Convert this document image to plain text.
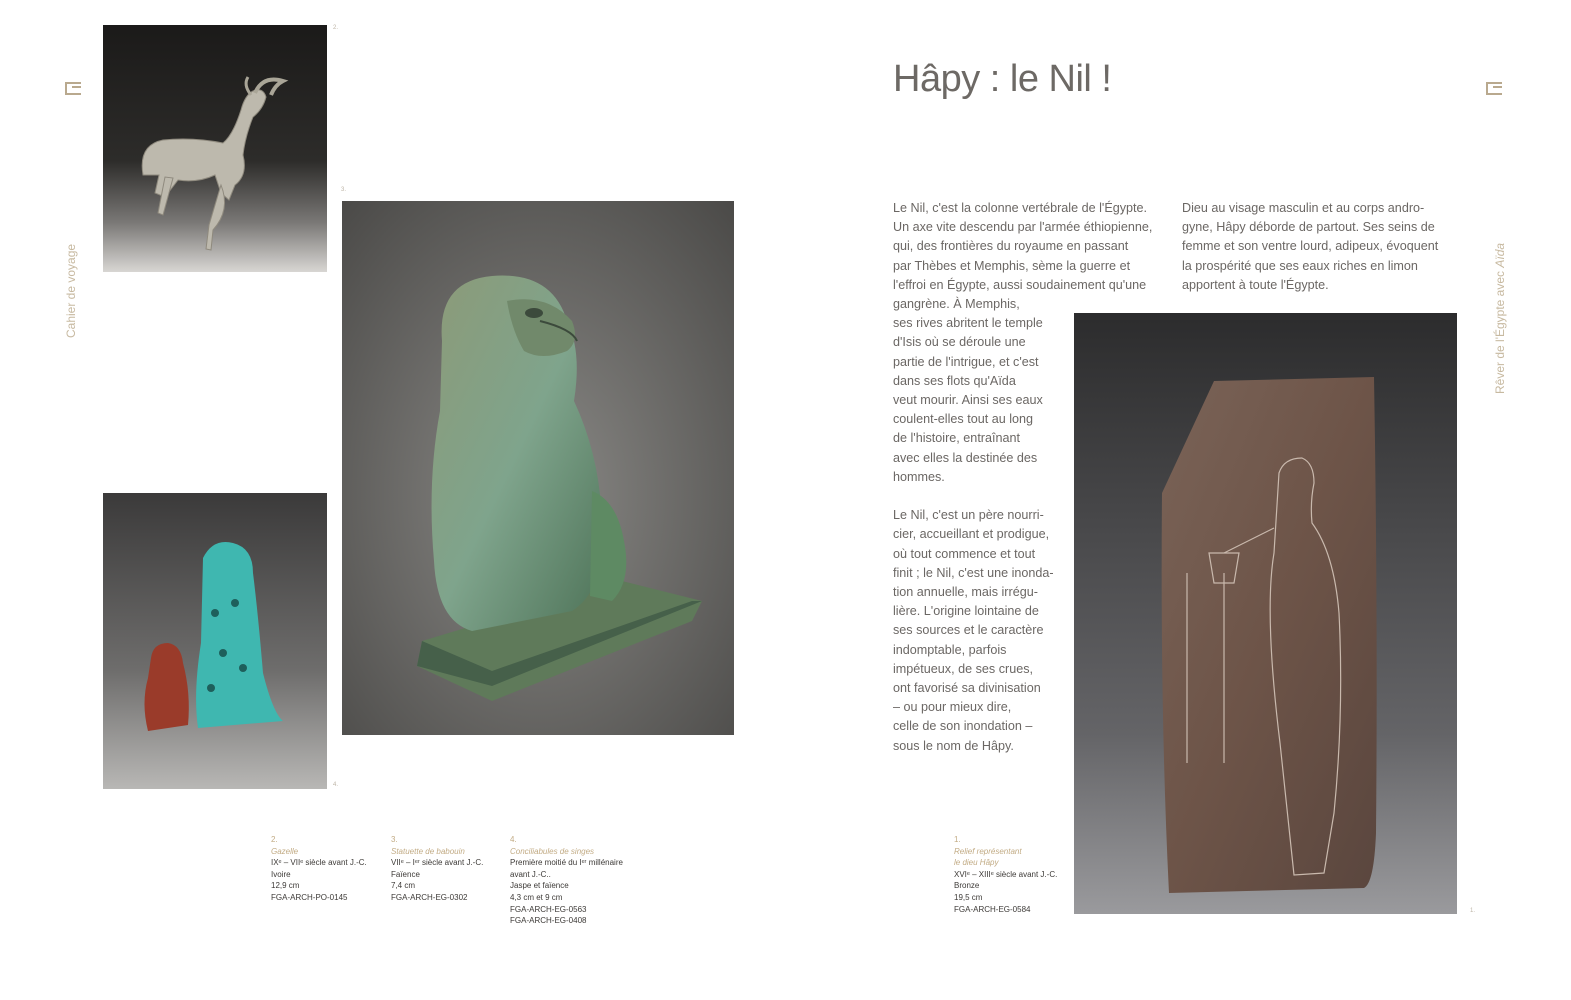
Cahier de voyage	Rêver de l'Égypte avec Aïda
2.
3.
4.
1.
Hâpy : le Nil !
Le Nil, c'est la colonne vertébrale de l'Égypte.
Un axe vite descendu par l'armée éthiopienne,
qui, des frontières du royaume en passant
par Thèbes et Memphis, sème la guerre et
l'effroi en Égypte, aussi soudainement qu'une
gangrène. À Memphis,
ses rives abritent le temple
d'Isis où se déroule une
partie de l'intrigue, et c'est
dans ses flots qu'Aïda
veut mourir. Ainsi ses eaux
coulent-elles tout au long
de l'histoire, entraînant
avec elles la destinée des
hommes.
Le Nil, c'est un père nourri-
cier, accueillant et prodigue,
où tout commence et tout
finit ; le Nil, c'est une inonda-
tion annuelle, mais irrégu-
lière. L'origine lointaine de
ses sources et le caractère
indomptable, parfois
impétueux, de ses crues,
ont favorisé sa divinisation
– ou pour mieux dire,
celle de son inondation –
sous le nom de Hâpy.
Dieu au visage masculin et au corps andro-
gyne, Hâpy déborde de partout. Ses seins de
femme et son ventre lourd, adipeux, évoquent
la prospérité que ses eaux riches en limon
apportent à toute l'Égypte.
2.
Gazelle
IXᵉ – VIIᵉ siècle avant J.-C.
Ivoire
12,9 cm
FGA-ARCH-PO-0145
3.
Statuette de babouin
VIIᵉ – Iᵉʳ siècle avant J.-C.
Faïence
7,4 cm
FGA-ARCH-EG-0302
4.
Conciliabules de singes
Première moitié du Iᵉʳ millénaire
avant J.-C..
Jaspe et faïence
4,3 cm et 9 cm
FGA-ARCH-EG-0563
FGA-ARCH-EG-0408
1.
Relief représentant
le dieu Hâpy
XVIᵉ – XIIIᵉ siècle avant J.-C.
Bronze
19,5 cm
FGA-ARCH-EG-0584
